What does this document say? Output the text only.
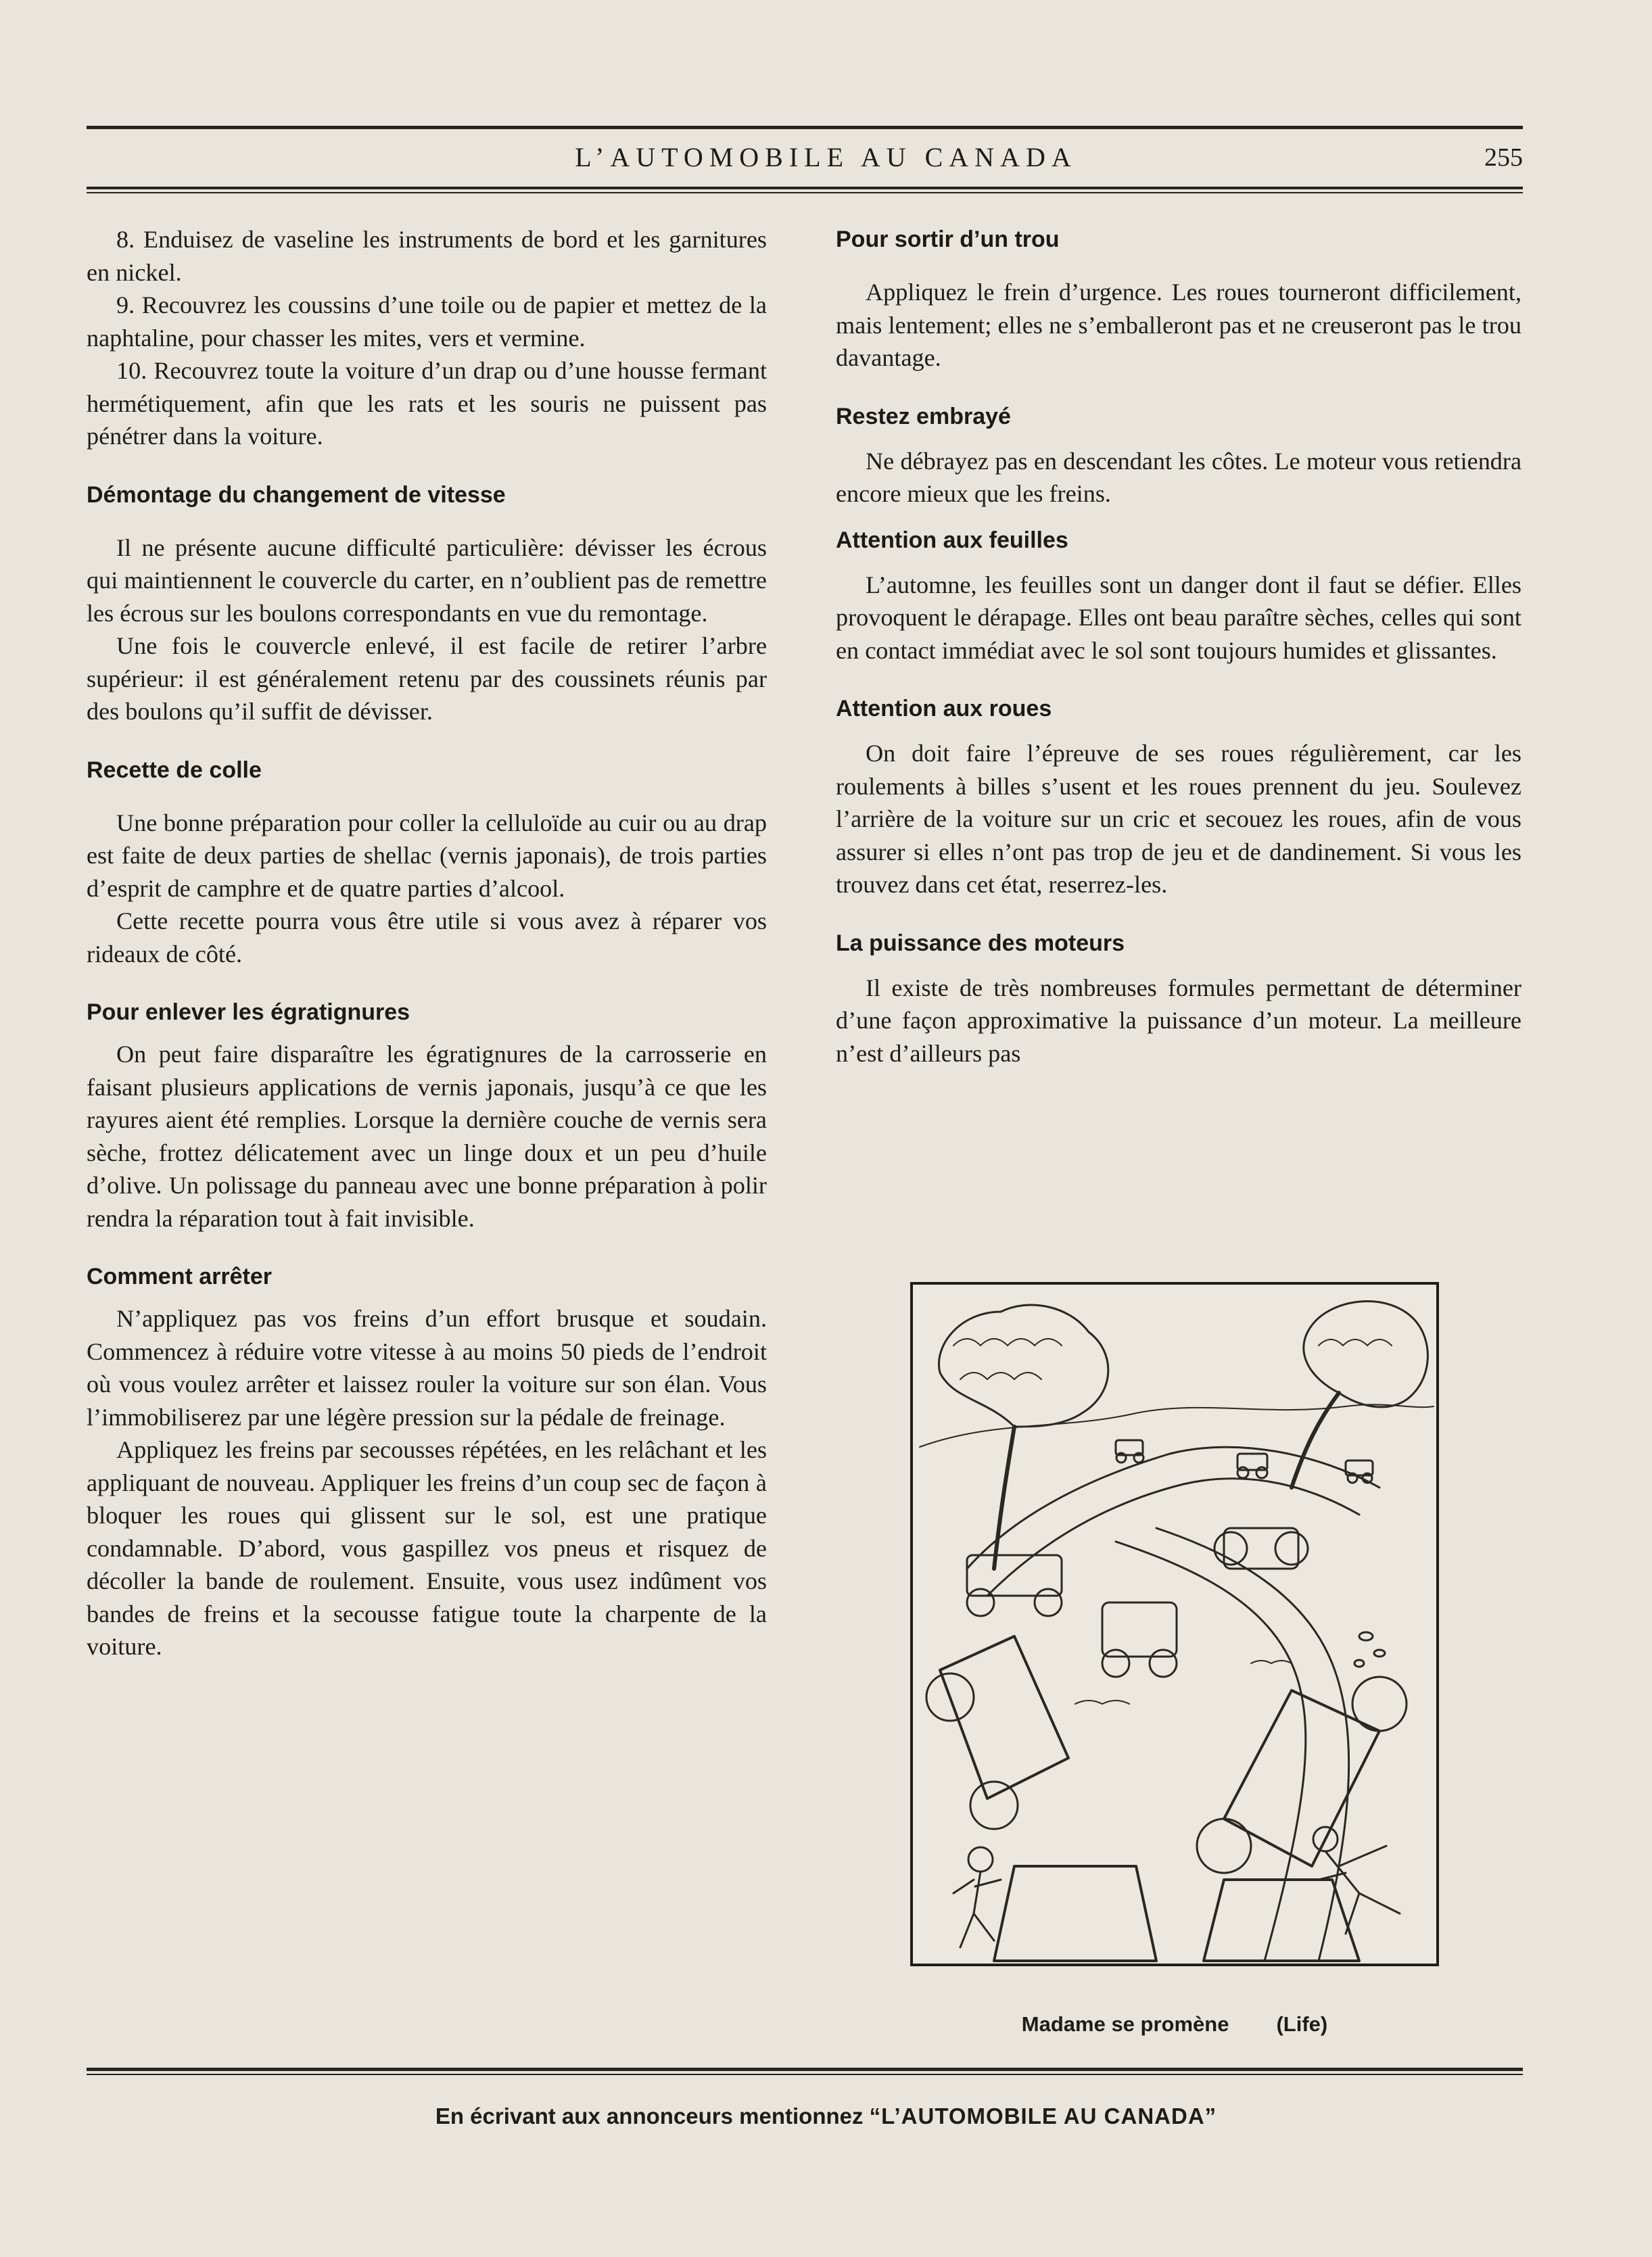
L’AUTOMOBILE AU CANADA	255

8. Enduisez de vaseline les instruments de bord et les garnitures en nickel.

9. Recouvrez les coussins d’une toile ou de papier et mettez de la naphtaline, pour chasser les mites, vers et vermine.

10. Recouvrez toute la voiture d’un drap ou d’une housse fermant hermétiquement, afin que les rats et les souris ne puissent pas pénétrer dans la voiture.

Démontage du changement de vitesse

Il ne présente aucune difficulté particulière: dévisser les écrous qui maintiennent le couvercle du carter, en n’oublient pas de remettre les écrous sur les boulons correspondants en vue du remontage.

Une fois le couvercle enlevé, il est facile de retirer l’arbre supérieur: il est généralement retenu par des coussinets réunis par des boulons qu’il suffit de dévisser.

Recette de colle

Une bonne préparation pour coller la celluloïde au cuir ou au drap est faite de deux parties de shellac (vernis japonais), de trois parties d’esprit de camphre et de quatre parties d’alcool.

Cette recette pourra vous être utile si vous avez à réparer vos rideaux de côté.

Pour enlever les égratignures

On peut faire disparaître les égratignures de la carrosserie en faisant plusieurs applications de vernis japonais, jusqu’à ce que les rayures aient été remplies. Lorsque la dernière couche de vernis sera sèche, frottez délicatement avec un linge doux et un peu d’huile d’olive. Un polissage du panneau avec une bonne préparation à polir rendra la réparation tout à fait invisible.

Comment arrêter

N’appliquez pas vos freins d’un effort brusque et soudain. Commencez à réduire votre vitesse à au moins 50 pieds de l’endroit où vous voulez arrêter et laissez rouler la voiture sur son élan. Vous l’immobiliserez par une légère pression sur la pédale de freinage.

Appliquez les freins par secousses répétées, en les relâchant et les appliquant de nouveau. Appliquer les freins d’un coup sec de façon à bloquer les roues qui glissent sur le sol, est une pratique condamnable. D’abord, vous gaspillez vos pneus et risquez de décoller la bande de roulement. Ensuite, vous usez indûment vos bandes de freins et la secousse fatigue toute la charpente de la voiture.

Pour sortir d’un trou

Appliquez le frein d’urgence. Les roues tourneront difficilement, mais lentement; elles ne s’emballeront pas et ne creuseront pas le trou davantage.

Restez embrayé

Ne débrayez pas en descendant les côtes. Le moteur vous retiendra encore mieux que les freins.

Attention aux feuilles

L’automne, les feuilles sont un danger dont il faut se défier. Elles provoquent le dérapage. Elles ont beau paraître sèches, celles qui sont en contact immédiat avec le sol sont toujours humides et glissantes.

Attention aux roues

On doit faire l’épreuve de ses roues régulièrement, car les roulements à billes s’usent et les roues prennent du jeu. Soulevez l’arrière de la voiture sur un cric et secouez les roues, afin de vous assurer si elles n’ont pas trop de jeu et de dandinement. Si vous les trouvez dans cet état, reserrez-les.

La puissance des moteurs

Il existe de très nombreuses formules permettant de déterminer d’une façon approximative la puissance d’un moteur. La meilleure n’est d’ailleurs pas

Madame se promène (Life)
En écrivant aux annonceurs mentionnez “L’AUTOMOBILE AU CANADA”
